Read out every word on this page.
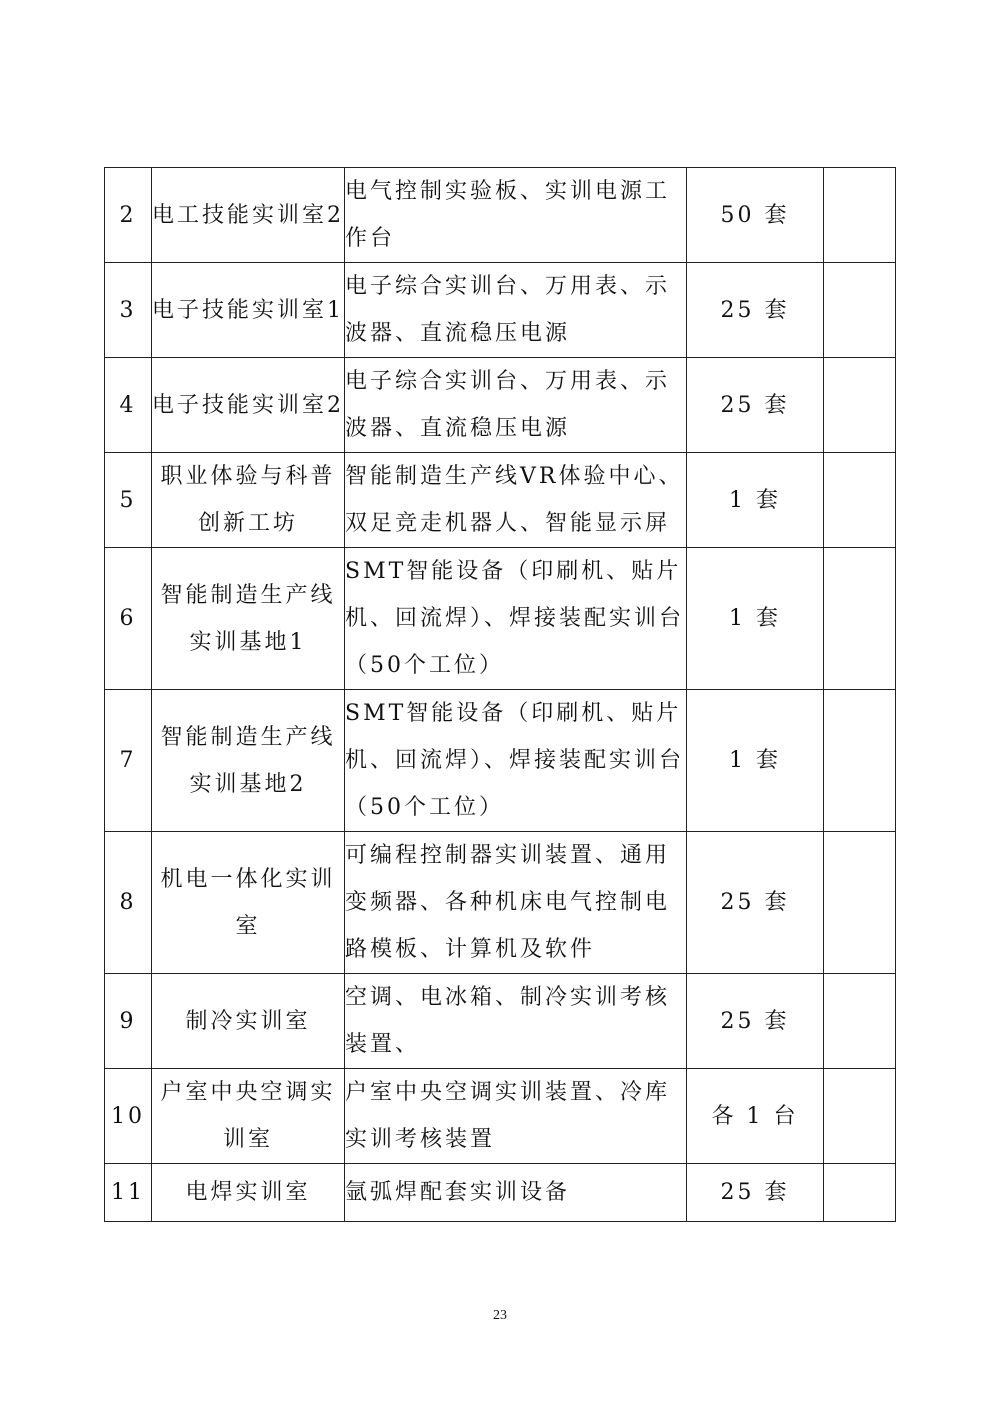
2	电工技能实训室2	电气控制实验板、实训电源工作台	50 套	
3	电子技能实训室1	电子综合实训台、万用表、示波器、直流稳压电源	25 套	
4	电子技能实训室2	电子综合实训台、万用表、示波器、直流稳压电源	25 套	
5	职业体验与科普创新工坊	智能制造生产线VR体验中心、双足竞走机器人、智能显示屏	1 套	
6	智能制造生产线实训基地1	SMT智能设备（印刷机、贴片机、回流焊）、焊接装配实训台（50个工位）	1 套	
7	智能制造生产线实训基地2	SMT智能设备（印刷机、贴片机、回流焊）、焊接装配实训台（50个工位）	1 套	
8	机电一体化实训室	可编程控制器实训装置、通用变频器、各种机床电气控制电路模板、计算机及软件	25 套	
9	制冷实训室	空调、电冰箱、制冷实训考核装置、	25 套	
10	户室中央空调实训室	户室中央空调实训装置、冷库实训考核装置	各 1 台	
11	电焊实训室	氩弧焊配套实训设备	25 套	
23
